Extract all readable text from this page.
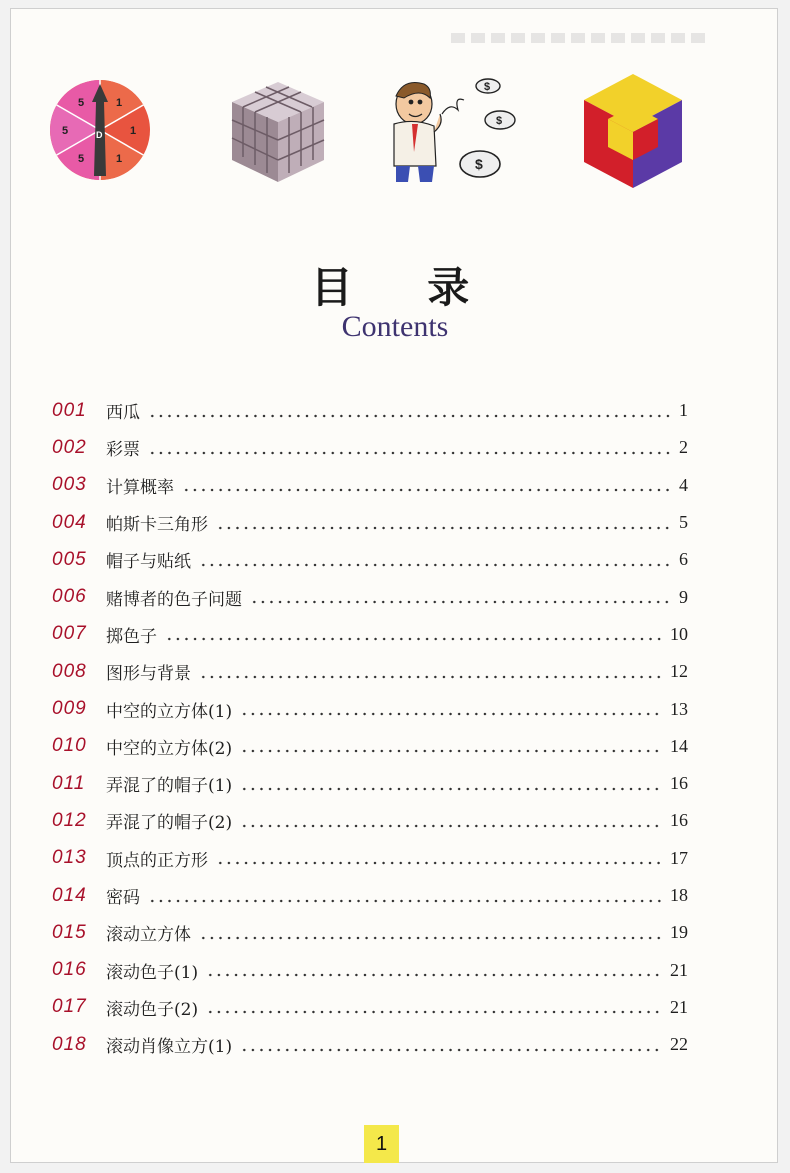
5	1
5	1
5	1
D
$
$
$
目 录
Contents
001	西瓜	1
002	彩票	2
003	计算概率	4
004	帕斯卡三角形	5
005	帽子与贴纸	6
006	赌博者的色子问题	9
007	掷色子	10
008	图形与背景	12
009	中空的立方体(1)	13
010	中空的立方体(2)	14
011	弄混了的帽子(1)	16
012	弄混了的帽子(2)	16
013	顶点的正方形	17
014	密码	18
015	滚动立方体	19
016	滚动色子(1)	21
017	滚动色子(2)	21
018	滚动肖像立方(1)	22
1
